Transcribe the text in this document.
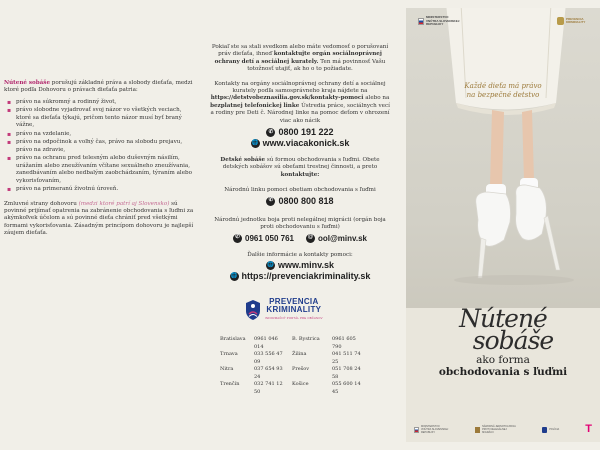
Nútené sobáše porušujú základné práva a slobody dieťaťa, medzi ktoré podľa Dohovoru o právach dieťaťa patria:

▪ právo na súkromný a rodinný život,
▪ právo slobodne vyjadrovať svoj názor vo všetkých veciach, ktoré sa dieťaťa týkajú, pričom tento názor musí byť braný vážne,
▪ právo na vzdelanie,
▪ právo na odpočinok a voľný čas, právo na slobodu prejavu, právo na zdravie,
▪ právo na ochranu pred telesným alebo duševným násilím, urážaním alebo zneužívaním včítane sexuálneho zneužívania, zanedbávaním alebo nedbalým zaobchádzaním, týraním alebo vykorisťovaním,
▪ právo na primeranú životnú úroveň.

Zmluvné strany dohovoru (medzi ktoré patrí aj Slovensko) sú povinné prijímať opatrenia na zabránenie obchodovania s ľuďmi za akýmkoľvek účelom a sú povinné dieťa chrániť pred všetkými formami vykorisťovania. Zásadným princípom dohovoru je najlepší záujem dieťaťa.

Pokiaľ ste sa stali svedkom alebo máte vedomosť o porušovaní práv dieťaťa, ihneď kontaktujte orgán sociálnoprávnej ochrany detí a sociálnej kurately. Ten má povinnosť Vašu totožnosť utajiť, ak ho o to požiadate.

Kontakty na orgány sociálnoprávnej ochrany detí a sociálnej kurately podľa samosprávneho kraja nájdete na https://detstvobeznasilia.gov.sk/kontakty-pomoci alebo na bezplatnej telefonickej linke Ústredia práce, sociálnych vecí a rodiny pre Deti č. Národnej linke na pomoc deťom v ohrození viac ako nácik

✆ 0800 191 222
🌐 www.viacakonick.sk

Detské sobáše sú formou obchodovania s ľuďmi. Obete detských sobášov sú obeťami trestnej činnosti, a preto kontaktujte:

Národnú linku pomoci obetiam obchodovania s ľuďmi

✆ 0800 800 818

Národnú jednotku boja proti nelegálnej migrácii (orgán boja proti obchodovaniu s ľuďmi)

✆ 0961 050 761	@ ool@minv.sk

Ďalšie informácie a kontakty pomoci:

🌐 www.minv.sk
🌐 https://prevenciakriminality.sk
PREVENCIA
KRIMINALITY
INFORMAČNÝ PORTÁL PRE OBČANOV
Bratislava	0961 046 014
B. Bystrica	0961 605 790
Trnava	033 556 47 09
Žilina	041 511 74 25
Nitra	037 654 93 24
Prešov	051 708 24 58
Trenčín	032 741 12 50
Košice	055 600 14 45
MINISTERSTVO VNÚTRA SLOVENSKEJ REPUBLIKY
PREVENCIA KRIMINALITY
Každé dieťa má právo
na bezpečné detstvo
Nútené
sobáše
ako forma
obchodovania s ľuďmi
MINISTERSTVO VNÚTRA SLOVENSKEJ REPUBLIKY
NÁRODNÁ JEDNOTKA BOJA PROTI NELEGÁLNEJ MIGRÁCII
POLÍCIA T
